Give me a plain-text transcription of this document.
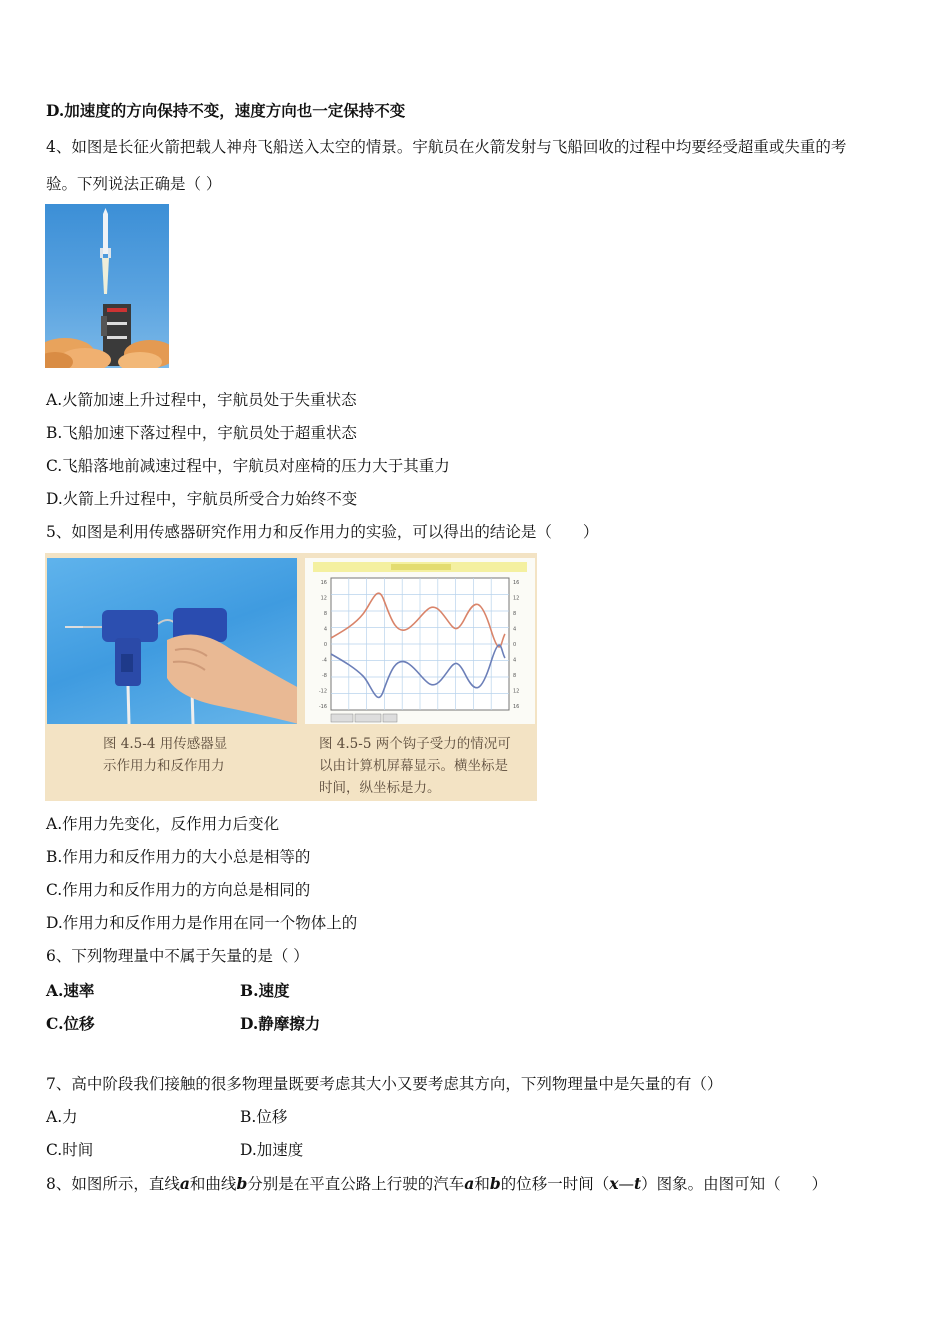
D.加速度的方向保持不变，速度方向也一定保持不变
4、如图是长征火箭把载人神舟飞船送入太空的情景。宇航员在火箭发射与飞船回收的过程中均要经受超重或失重的考
验。下列说法正确是（ ）
A.火箭加速上升过程中，宇航员处于失重状态
B.飞船加速下落过程中，宇航员处于超重状态
C.飞船落地前减速过程中，宇航员对座椅的压力大于其重力
D.火箭上升过程中，宇航员所受合力始终不变
5、如图是利用传感器研究作用力和反作用力的实验，可以得出的结论是（　　）
16
12
8
4
0
-4
-8
-12
-16
16
12
8
4
0
4
8
12
16
图 4.5-4 用传感器显
示作用力和反作用力
图 4.5-5 两个钩子受力的情况可
以由计算机屏幕显示。横坐标是
时间，纵坐标是力。
A.作用力先变化，反作用力后变化
B.作用力和反作用力的大小总是相等的
C.作用力和反作用力的方向总是相同的
D.作用力和反作用力是作用在同一个物体上的
6、下列物理量中不属于矢量的是（ ）
A.速率	B.速度
C.位移	D.静摩擦力
7、高中阶段我们接触的很多物理量既要考虑其大小又要考虑其方向，下列物理量中是矢量的有（）
A.力	B.位移
C.时间	D.加速度
8、如图所示，直线a和曲线b分别是在平直公路上行驶的汽车a和b的位移一时间（x—t）图象。由图可知（　　）
